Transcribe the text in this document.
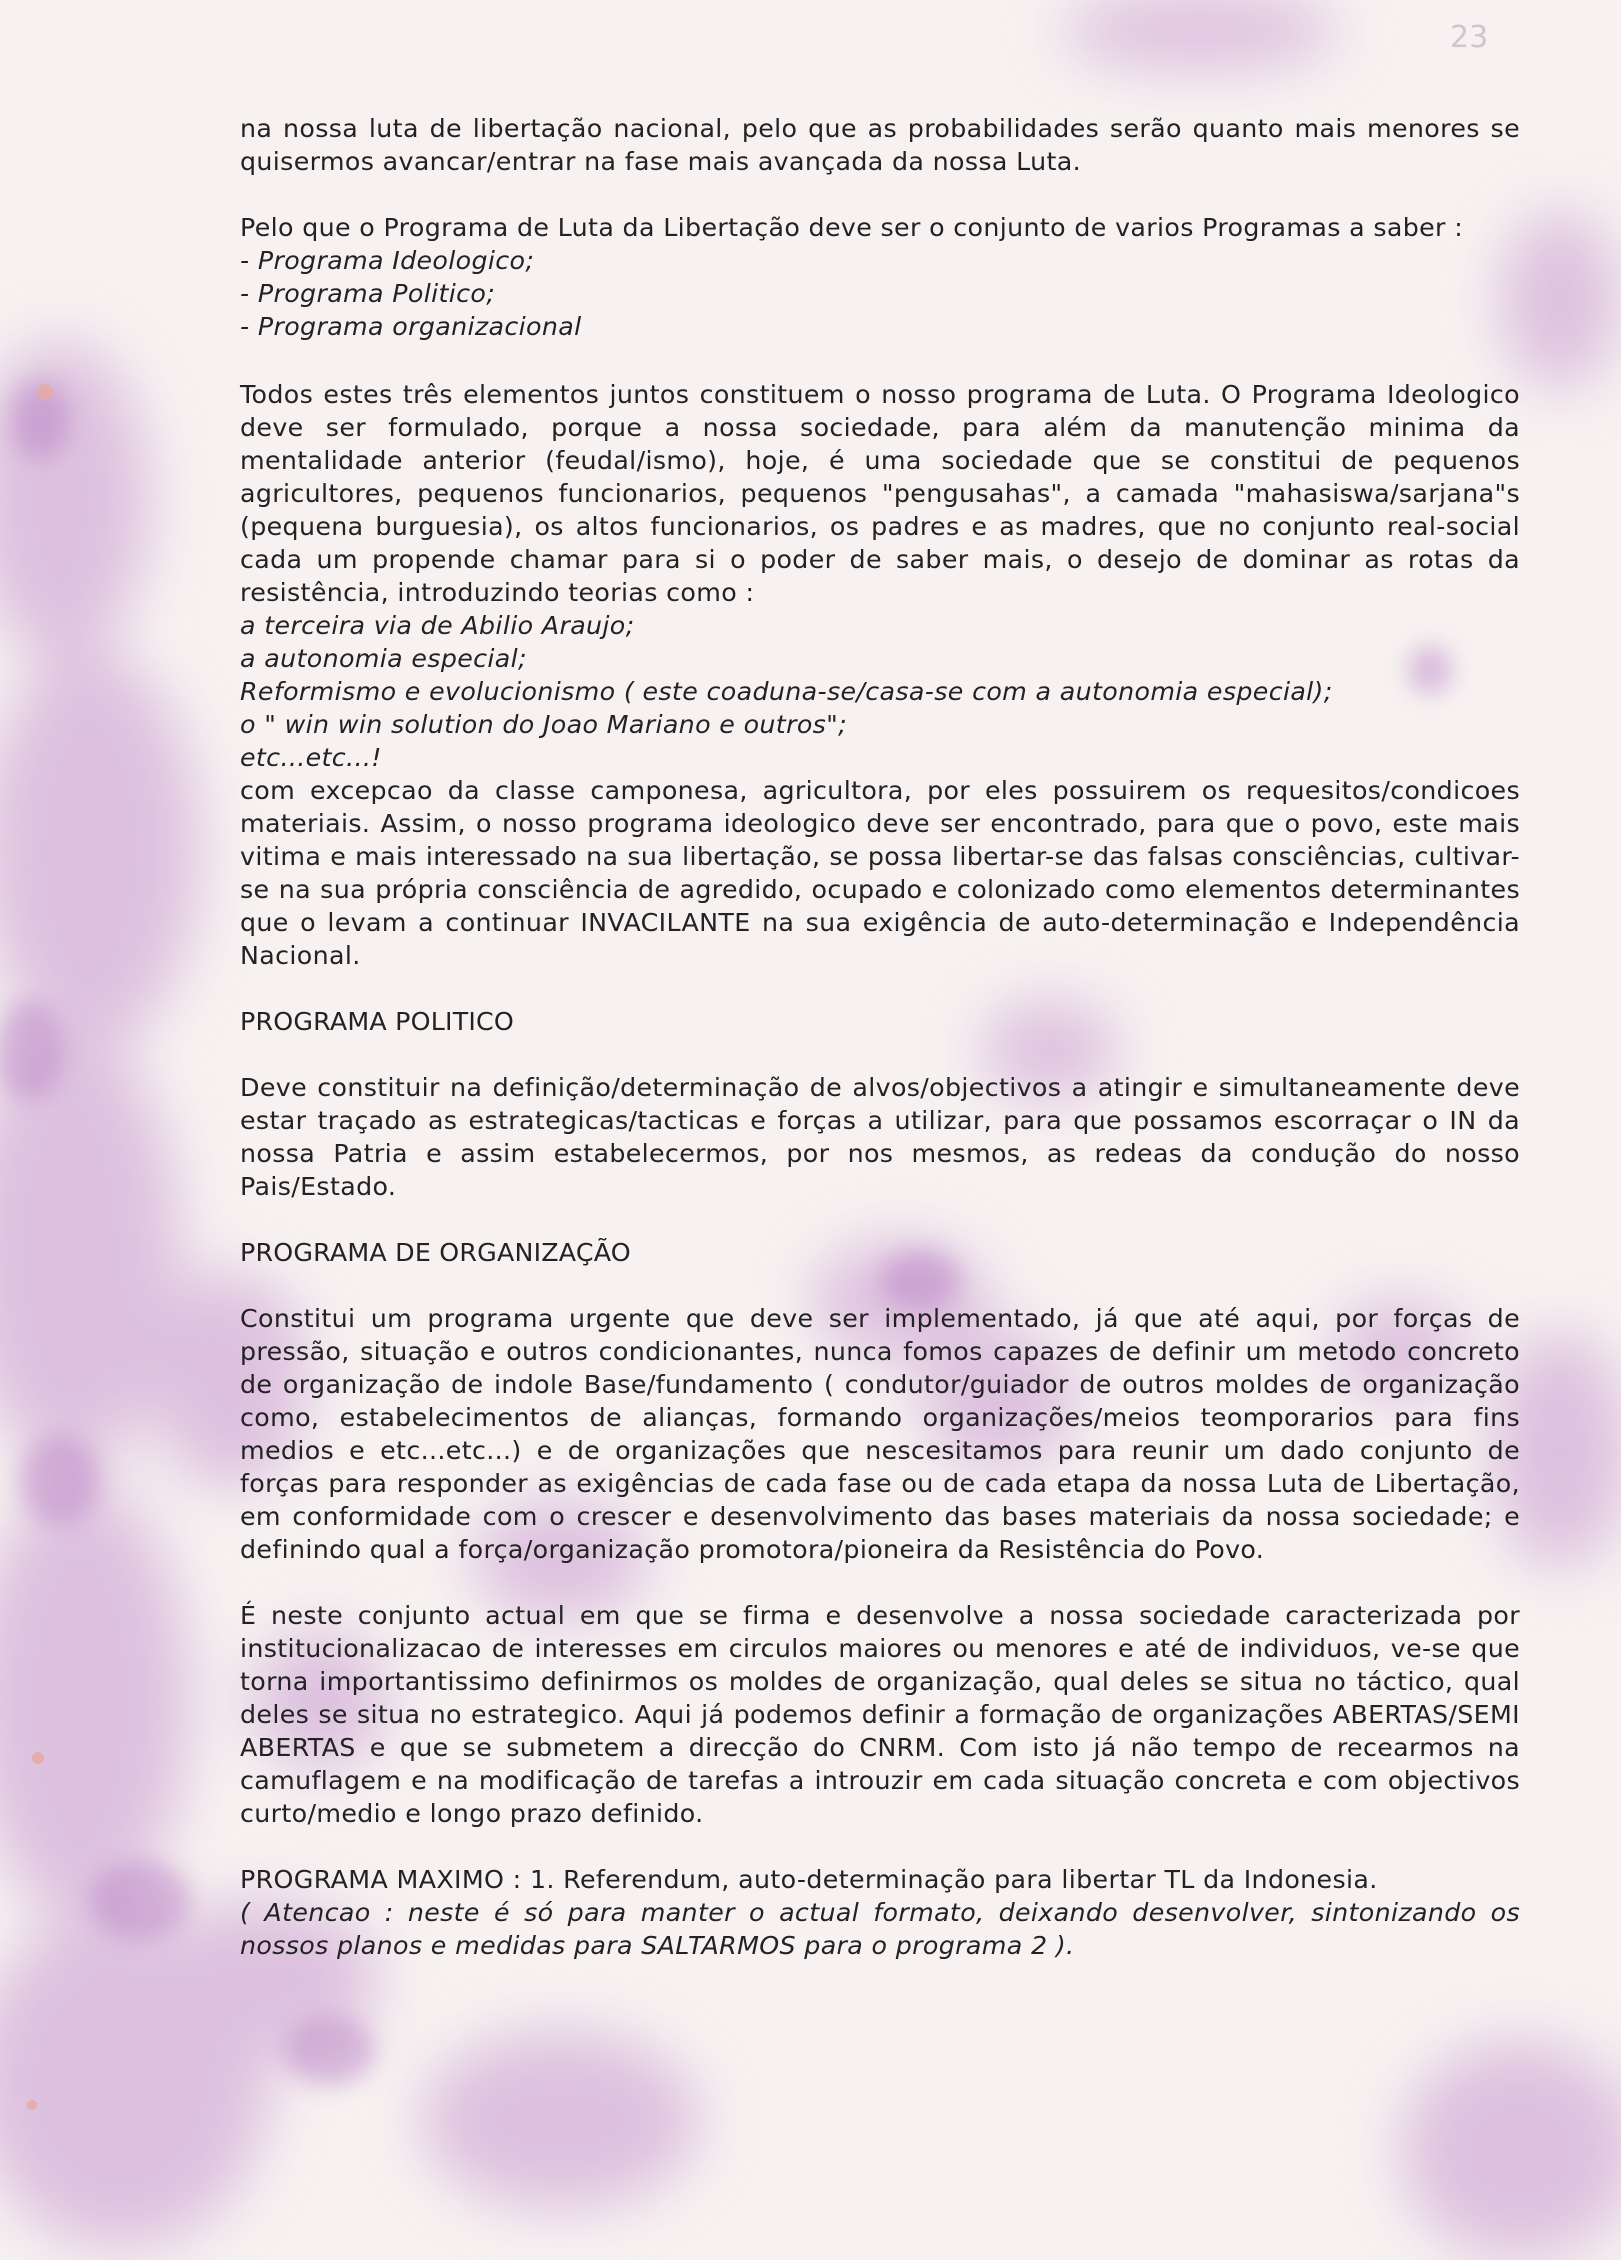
23

na nossa luta de libertação nacional, pelo que as probabilidades serão quanto mais menores se quisermos avancar/entrar na fase mais avançada da nossa Luta.

Pelo que o Programa de Luta da Libertação deve ser o conjunto de varios Programas a saber :

- Programa Ideologico;
- Programa Politico;
- Programa organizacional

Todos estes três elementos juntos constituem o nosso programa de Luta. O Programa Ideologico deve ser formulado, porque a nossa sociedade, para além da manutenção minima da mentalidade anterior (feudal/ismo), hoje, é uma sociedade que se constitui de pequenos agricultores, pequenos funcionarios, pequenos "pengusahas", a camada "mahasiswa/sarjana"s (pequena burguesia), os altos funcionarios, os padres e as madres, que no conjunto real-social cada um propende chamar para si o poder de saber mais, o desejo de dominar as rotas da resistência, introduzindo teorias como :

a terceira via de Abilio Araujo;
a autonomia especial;
Reformismo e evolucionismo ( este coaduna-se/casa-se com a autonomia especial);
o " win win solution do Joao Mariano e outros";
etc...etc...!

com excepcao da classe camponesa, agricultora, por eles possuirem os requesitos/condicoes materiais. Assim, o nosso programa ideologico deve ser encontrado, para que o povo, este mais vitima e mais interessado na sua libertação, se possa libertar-se das falsas consciências, cultivar-se na sua própria consciência de agredido, ocupado e colonizado como elementos determinantes que o levam a continuar INVACILANTE na sua exigência de auto-determinação e Independência Nacional.

PROGRAMA POLITICO

Deve constituir na definição/determinação de alvos/objectivos a atingir e simultaneamente deve estar traçado as estrategicas/tacticas e forças a utilizar, para que possamos escorraçar o IN da nossa Patria e assim estabelecermos, por nos mesmos, as redeas da condução do nosso Pais/Estado.

PROGRAMA DE ORGANIZAÇÃO

Constitui um programa urgente que deve ser implementado, já que até aqui, por forças de pressão, situação e outros condicionantes, nunca fomos capazes de definir um metodo concreto de organização de indole Base/fundamento ( condutor/guiador de outros moldes de organização como, estabelecimentos de alianças, formando organizações/meios teomporarios para fins medios e etc...etc...) e de organizações que nescesitamos para reunir um dado conjunto de forças para responder as exigências de cada fase ou de cada etapa da nossa Luta de Libertação, em conformidade com o crescer e desenvolvimento das bases materiais da nossa sociedade; e definindo qual a força/organização promotora/pioneira da Resistência do Povo.

É neste conjunto actual em que se firma e desenvolve a nossa sociedade caracterizada por institucionalizacao de interesses em circulos maiores ou menores e até de individuos, ve-se que torna importantissimo definirmos os moldes de organização, qual deles se situa no táctico, qual deles se situa no estrategico. Aqui já podemos definir a formação de organizações ABERTAS/SEMI ABERTAS e que se submetem a direcção do CNRM. Com isto já não tempo de recearmos na camuflagem e na modificação de tarefas a introuzir em cada situação concreta e com objectivos curto/medio e longo prazo definido.

PROGRAMA MAXIMO : 1. Referendum, auto-determinação para libertar TL da Indonesia.

( Atencao : neste é só para manter o actual formato, deixando desenvolver, sintonizando os nossos planos e medidas para SALTARMOS para o programa 2 ).
